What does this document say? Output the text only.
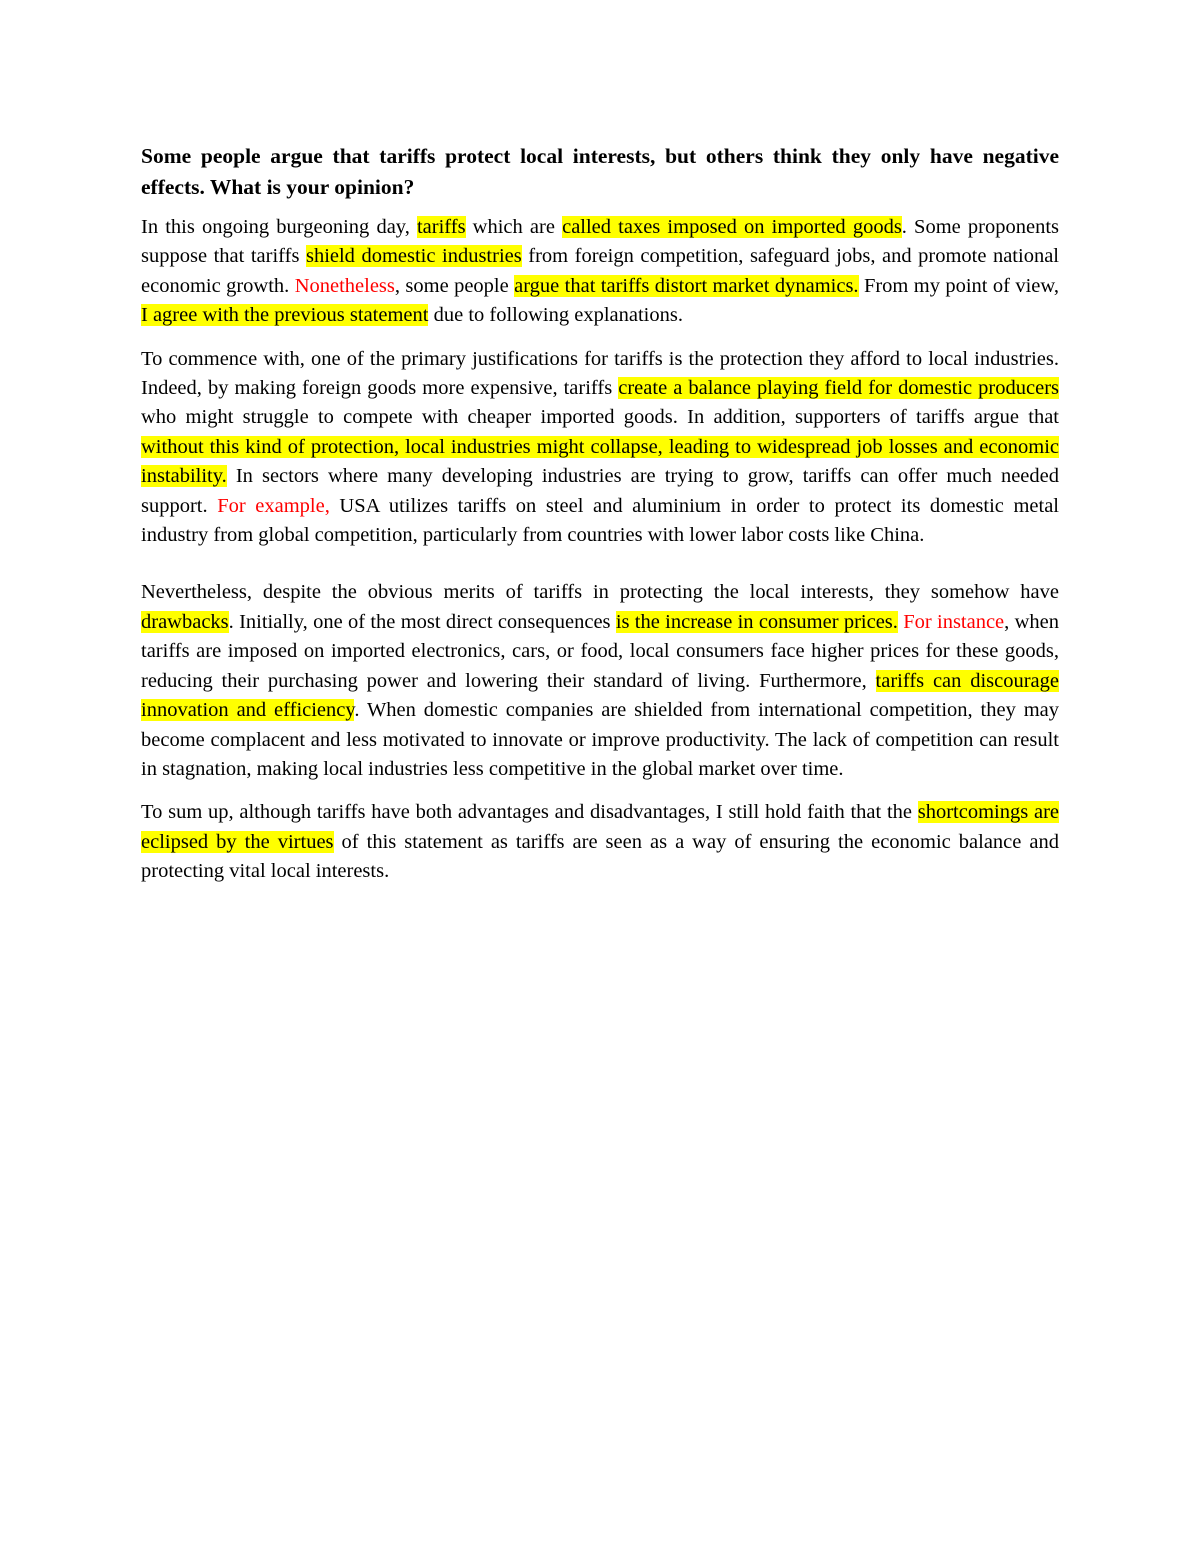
Some people argue that tariffs protect local interests, but others think they only have negative effects. What is your opinion?

In this ongoing burgeoning day, tariffs which are called taxes imposed on imported goods. Some proponents suppose that tariffs shield domestic industries from foreign competition, safeguard jobs, and promote national economic growth. Nonetheless, some people argue that tariffs distort market dynamics. From my point of view, I agree with the previous statement due to following explanations.

To commence with, one of the primary justifications for tariffs is the protection they afford to local industries. Indeed, by making foreign goods more expensive, tariffs create a balance playing field for domestic producers who might struggle to compete with cheaper imported goods. In addition, supporters of tariffs argue that without this kind of protection, local industries might collapse, leading to widespread job losses and economic instability. In sectors where many developing industries are trying to grow, tariffs can offer much needed support. For example, USA utilizes tariffs on steel and aluminium in order to protect its domestic metal industry from global competition, particularly from countries with lower labor costs like China.

Nevertheless, despite the obvious merits of tariffs in protecting the local interests, they somehow have drawbacks. Initially, one of the most direct consequences is the increase in consumer prices. For instance, when tariffs are imposed on imported electronics, cars, or food, local consumers face higher prices for these goods, reducing their purchasing power and lowering their standard of living. Furthermore, tariffs can discourage innovation and efficiency. When domestic companies are shielded from international competition, they may become complacent and less motivated to innovate or improve productivity. The lack of competition can result in stagnation, making local industries less competitive in the global market over time.

To sum up, although tariffs have both advantages and disadvantages, I still hold faith that the shortcomings are eclipsed by the virtues of this statement as tariffs are seen as a way of ensuring the economic balance and protecting vital local interests.
